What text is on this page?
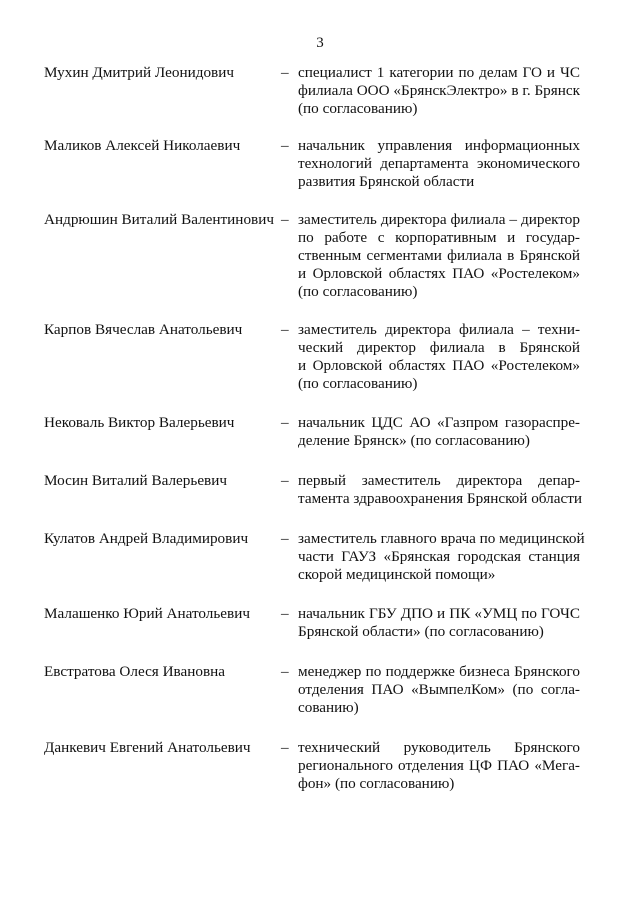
3
Мухин Дмитрий Леонидович	– специалист 1 категории по делам ГО и ЧС
филиала ООО «БрянскЭлектро» в г. Брянск
(по согласованию)
Маликов Алексей Николаевич	– начальник управления информационных
технологий департамента экономического
развития Брянской области
Андрюшин Виталий Валентинович – заместитель директора филиала – директор
по работе с корпоративным и государ-
ственным сегментами филиала в Брянской
и Орловской областях ПАО «Ростелеком»
(по согласованию)
Карпов Вячеслав Анатольевич	– заместитель директора филиала – техни-
ческий директор филиала в Брянской
и Орловской областях ПАО «Ростелеком»
(по согласованию)
Нековаль Виктор Валерьевич	– начальник ЦДС АО «Газпром газораспре-
деление Брянск» (по согласованию)
Мосин Виталий Валерьевич	– первый заместитель директора депар-
тамента здравоохранения Брянской области
Кулатов Андрей Владимирович	– заместитель главного врача по медицинской
части ГАУЗ «Брянская городская станция
скорой медицинской помощи»
Малашенко Юрий Анатольевич	– начальник ГБУ ДПО и ПК «УМЦ по ГОЧС
Брянской области» (по согласованию)
Евстратова Олеся Ивановна	– менеджер по поддержке бизнеса Брянского
отделения ПАО «ВымпелКом» (по согла-
сованию)
Данкевич Евгений Анатольевич	– технический руководитель Брянского
регионального отделения ЦФ ПАО «Мега-
фон» (по согласованию)
